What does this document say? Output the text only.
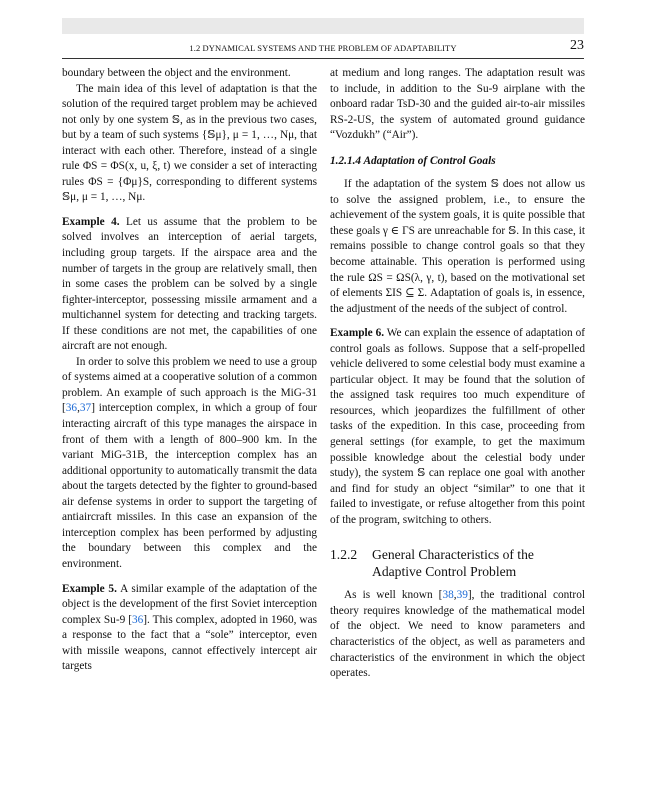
1.2 DYNAMICAL SYSTEMS AND THE PROBLEM OF ADAPTABILITY	23

boundary between the object and the environment.

The main idea of this level of adaptation is that the solution of the required target problem may be achieved not only by one system 𝕊, as in the previous two cases, but by a team of such systems {𝕊μ}, μ = 1, …, Nμ, that interact with each other. Therefore, instead of a single rule ΦS = ΦS(x, u, ξ, t) we consider a set of interacting rules ΦS = {Φμ}S, corresponding to different systems 𝕊μ, μ = 1, …, Nμ.

Example 4. Let us assume that the problem to be solved involves an interception of aerial targets, including group targets. If the airspace area and the number of targets in the group are relatively small, then in some cases the problem can be solved by a single fighter-interceptor, possessing missile armament and a multichannel system for detecting and tracking targets. If these conditions are not met, the capabilities of one aircraft are not enough.

In order to solve this problem we need to use a group of systems aimed at a cooperative solution of a common problem. An example of such approach is the MiG-31 [36,37] interception complex, in which a group of four interacting aircraft of this type manages the airspace in front of them with a length of 800–900 km. In the variant MiG-31B, the interception complex has an additional opportunity to automatically transmit the data about the targets detected by the fighter to ground-based air defense systems in order to support the targeting of antiaircraft missiles. In this case an expansion of the interception complex has been performed by adjusting the boundary between this complex and the environment.

Example 5. A similar example of the adaptation of the object is the development of the first Soviet interception complex Su-9 [36]. This complex, adopted in 1960, was a response to the fact that a “sole” interceptor, even with missile weapons, cannot effectively intercept air targets

at medium and long ranges. The adaptation result was to include, in addition to the Su-9 airplane with the onboard radar TsD-30 and the guided air-to-air missiles RS-2-US, the system of automated ground guidance “Vozdukh” (“Air”).

1.2.1.4 Adaptation of Control Goals

If the adaptation of the system 𝕊 does not allow us to solve the assigned problem, i.e., to ensure the achievement of the system goals, it is quite possible that these goals γ ∈ ΓS are unreachable for 𝕊. In this case, it remains possible to change control goals so that they become attainable. This operation is performed using the rule ΩS = ΩS(λ, γ, t), based on the motivational set of elements ΣIS ⊆ Σ. Adaptation of goals is, in essence, the adjustment of the needs of the subject of control.

Example 6. We can explain the essence of adaptation of control goals as follows. Suppose that a self-propelled vehicle delivered to some celestial body must examine a particular object. It may be found that the solution of the assigned task requires too much expenditure of resources, which jeopardizes the fulfillment of other tasks of the expedition. In this case, proceeding from general settings (for example, to get the maximum possible knowledge about the celestial body under study), the system 𝕊 can replace one goal with another and find for study an object “similar” to one that it failed to investigate, or refuse altogether from this point of the program, switching to others.

1.2.2	General Characteristics of the Adaptive Control Problem

As is well known [38,39], the traditional control theory requires knowledge of the mathematical model of the object. We need to know parameters and characteristics of the object, as well as parameters and characteristics of the environment in which the object operates.
